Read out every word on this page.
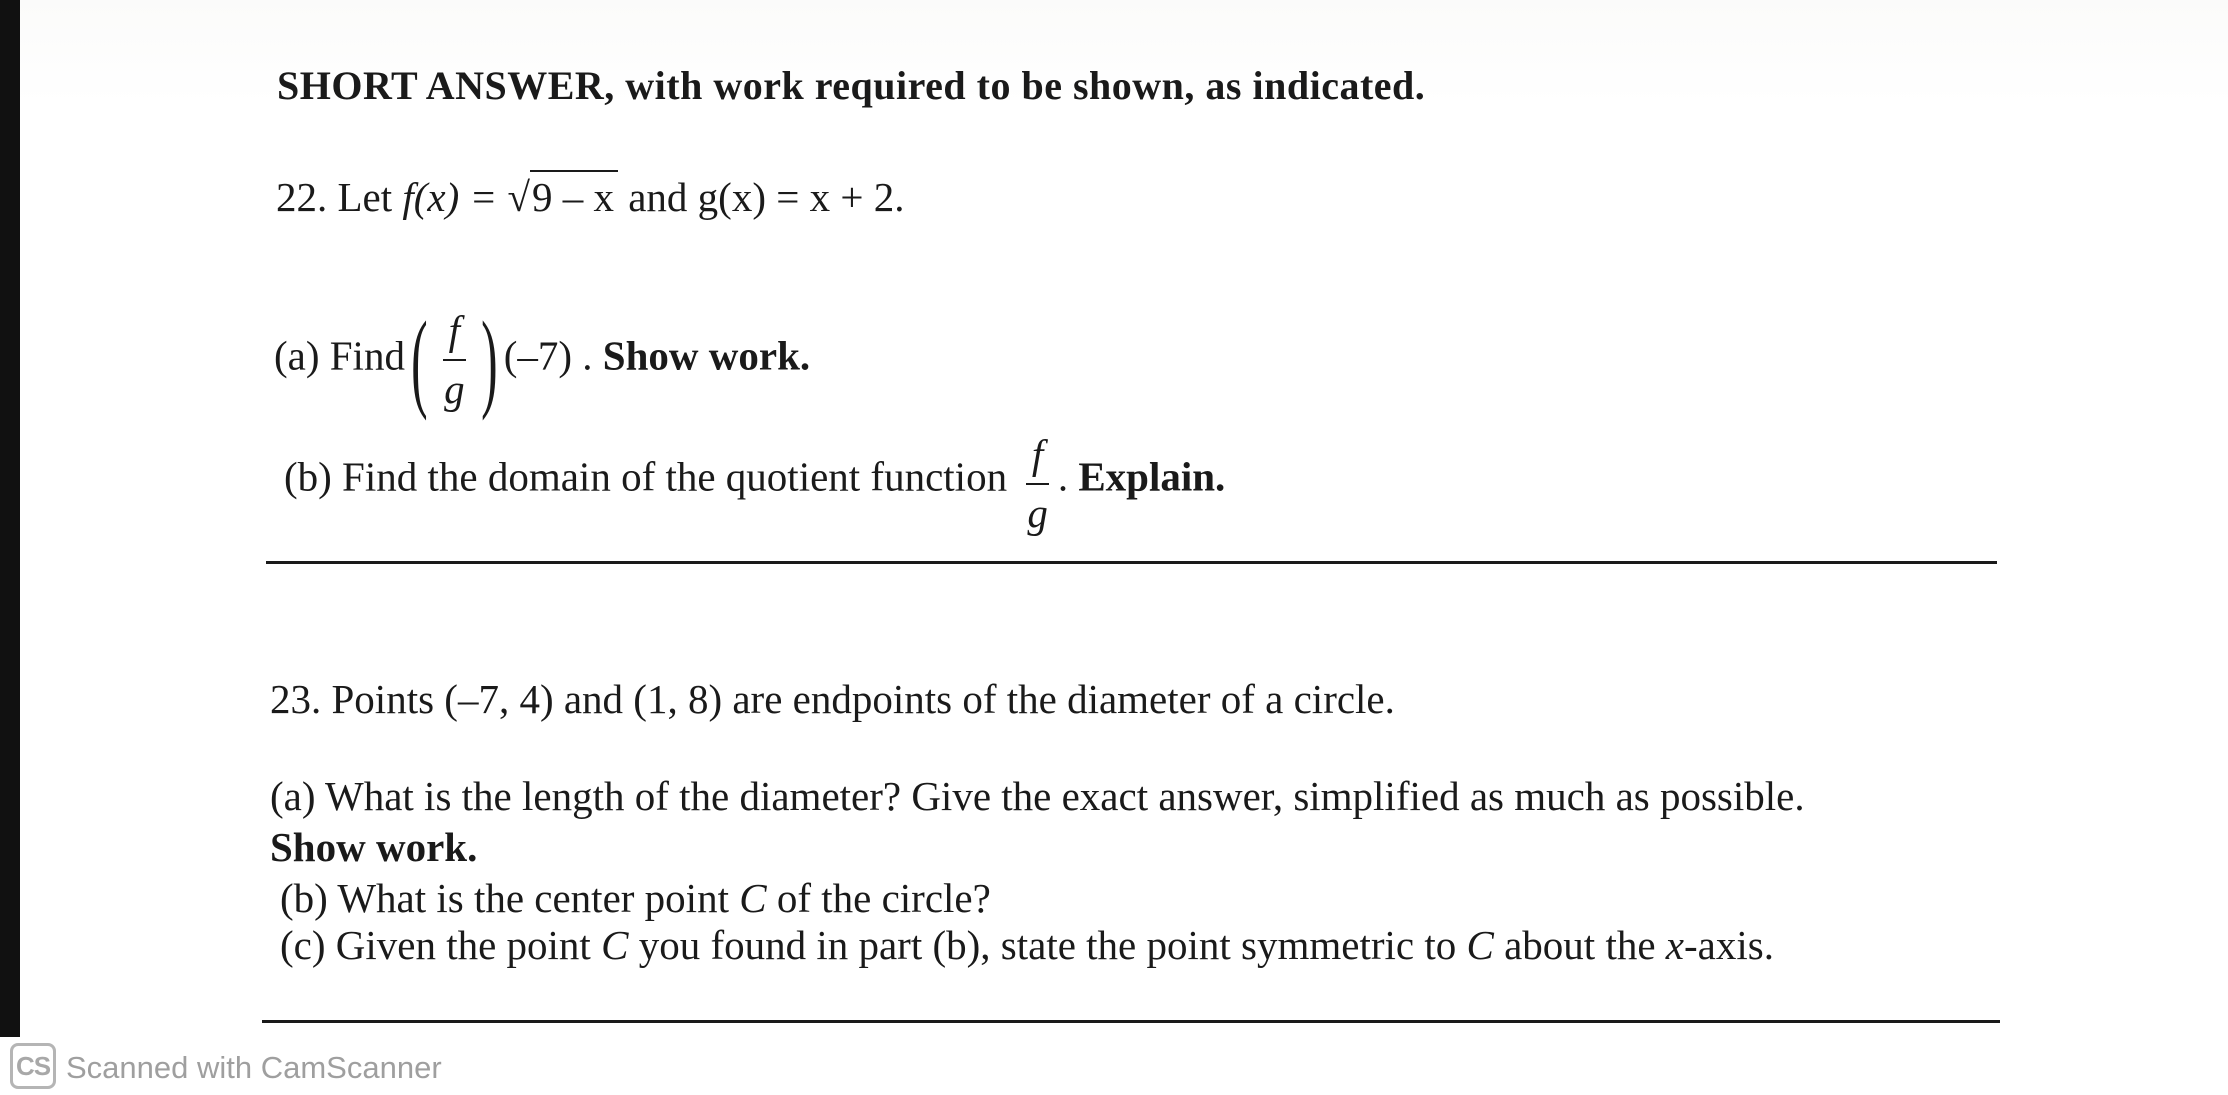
SHORT ANSWER, with work required to be shown, as indicated.
22. Let f(x) = √9 – x and g(x) = x + 2.
(a) Find ( $\frac{f}{g}$ ) (–7) . Show work.
(b) Find the domain of the quotient function $\frac{f}{g}$ . Explain.
23. Points (–7, 4) and (1, 8) are endpoints of the diameter of a circle.
(a) What is the length of the diameter? Give the exact answer, simplified as much as possible.
Show work.
(b) What is the center point C of the circle?
(c) Given the point C you found in part (b), state the point symmetric to C about the x-axis.
CS Scanned with CamScanner
